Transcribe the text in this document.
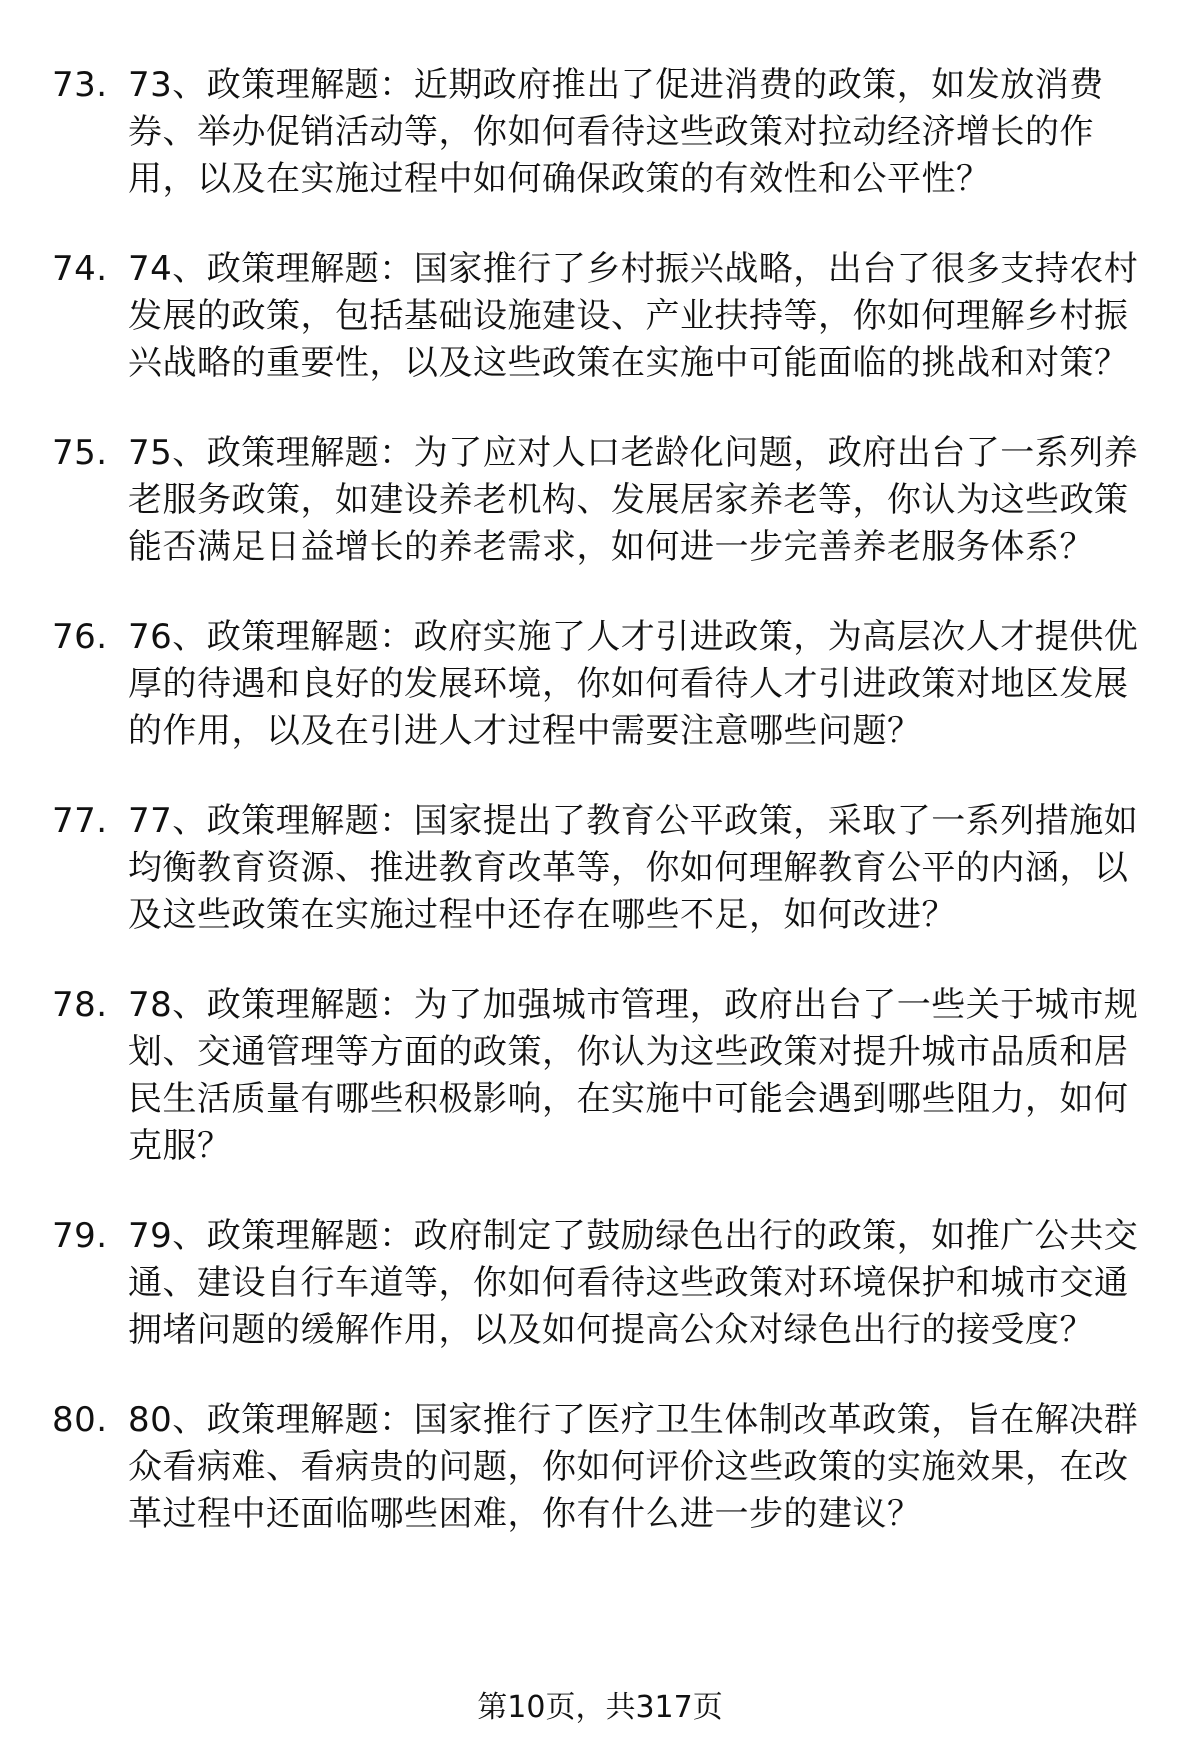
73. 73、政策理解题：近期政府推出了促进消费的政策，如发放消费券、举办促销活动等，你如何看待这些政策对拉动经济增长的作用，以及在实施过程中如何确保政策的有效性和公平性？
74. 74、政策理解题：国家推行了乡村振兴战略，出台了很多支持农村发展的政策，包括基础设施建设、产业扶持等，你如何理解乡村振兴战略的重要性，以及这些政策在实施中可能面临的挑战和对策？
75. 75、政策理解题：为了应对人口老龄化问题，政府出台了一系列养老服务政策，如建设养老机构、发展居家养老等，你认为这些政策能否满足日益增长的养老需求，如何进一步完善养老服务体系？
76. 76、政策理解题：政府实施了人才引进政策，为高层次人才提供优厚的待遇和良好的发展环境，你如何看待人才引进政策对地区发展的作用，以及在引进人才过程中需要注意哪些问题？
77. 77、政策理解题：国家提出了教育公平政策，采取了一系列措施如均衡教育资源、推进教育改革等，你如何理解教育公平的内涵，以及这些政策在实施过程中还存在哪些不足，如何改进？
78. 78、政策理解题：为了加强城市管理，政府出台了一些关于城市规划、交通管理等方面的政策，你认为这些政策对提升城市品质和居民生活质量有哪些积极影响，在实施中可能会遇到哪些阻力，如何克服？
79. 79、政策理解题：政府制定了鼓励绿色出行的政策，如推广公共交通、建设自行车道等，你如何看待这些政策对环境保护和城市交通拥堵问题的缓解作用，以及如何提高公众对绿色出行的接受度？
80. 80、政策理解题：国家推行了医疗卫生体制改革政策，旨在解决群众看病难、看病贵的问题，你如何评价这些政策的实施效果，在改革过程中还面临哪些困难，你有什么进一步的建议？
第10页，共317页
